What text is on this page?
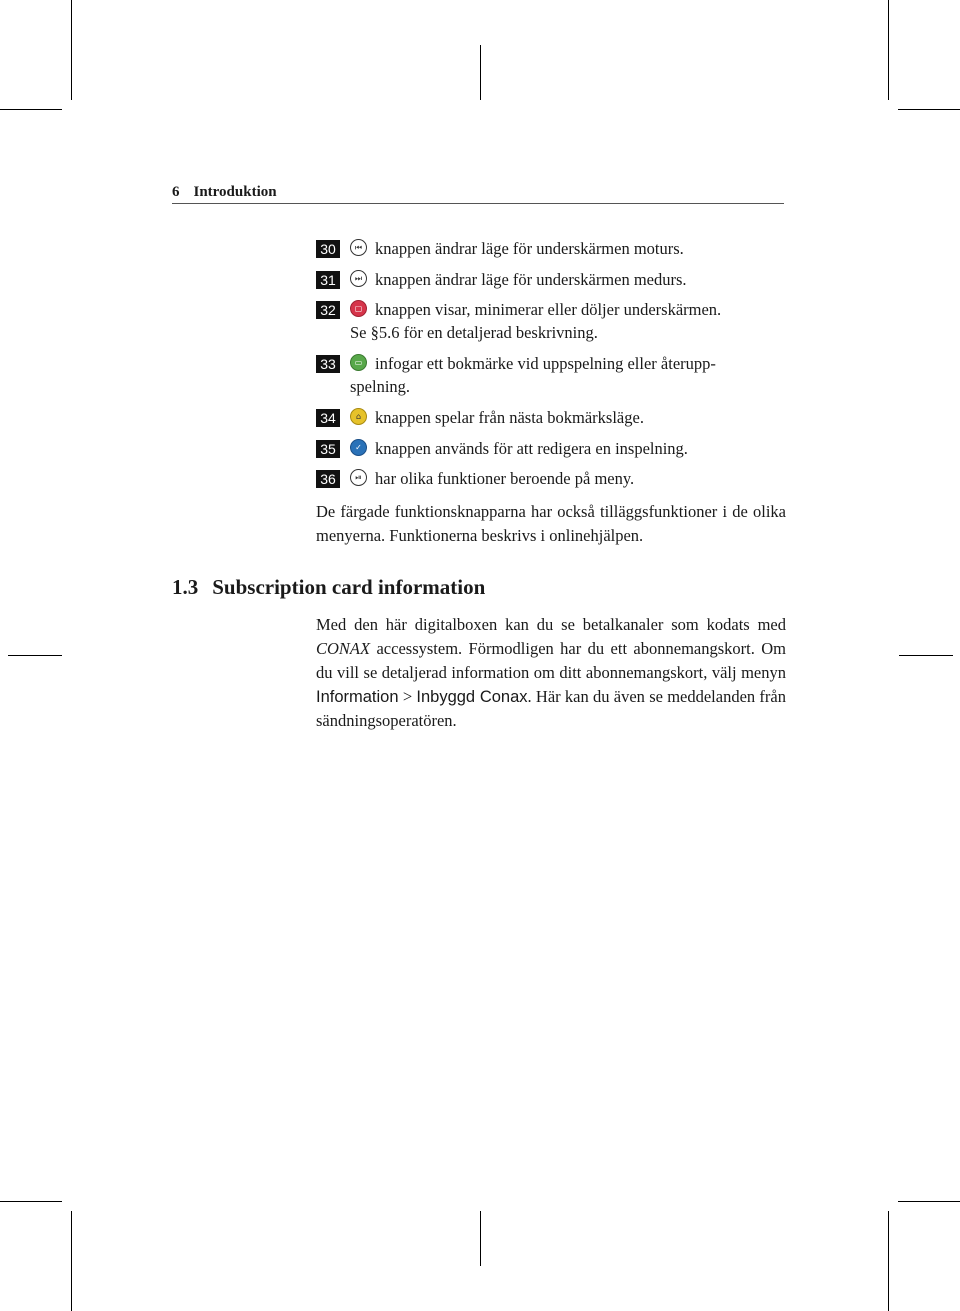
6 Introduktion
30	⏮ knappen ändrar läge för underskärmen moturs.
31	⏭ knappen ändrar läge för underskärmen medurs.
32	▢ knappen visar, minimerar eller döljer underskärmen.
Se §5.6 för en detaljerad beskrivning.
33	▭ infogar ett bokmärke vid uppspelning eller återupp-
spelning.
34	⌂ knappen spelar från nästa bokmärksläge.
35	✓ knappen används för att redigera en inspelning.
36	⏯ har olika funktioner beroende på meny.
De färgade funktionsknapparna har också tilläggsfunktioner i de olika menyerna. Funktionerna beskrivs i onlinehjälpen.
1.3 Subscription card information
Med den här digitalboxen kan du se betalkanaler som kodats med CONAX accessystem. Förmodligen har du ett abonnemangskort. Om du vill se detaljerad information om ditt abonnemangskort, välj menyn Information > Inbyggd Conax. Här kan du även se meddelanden från sändningsoperatören.
